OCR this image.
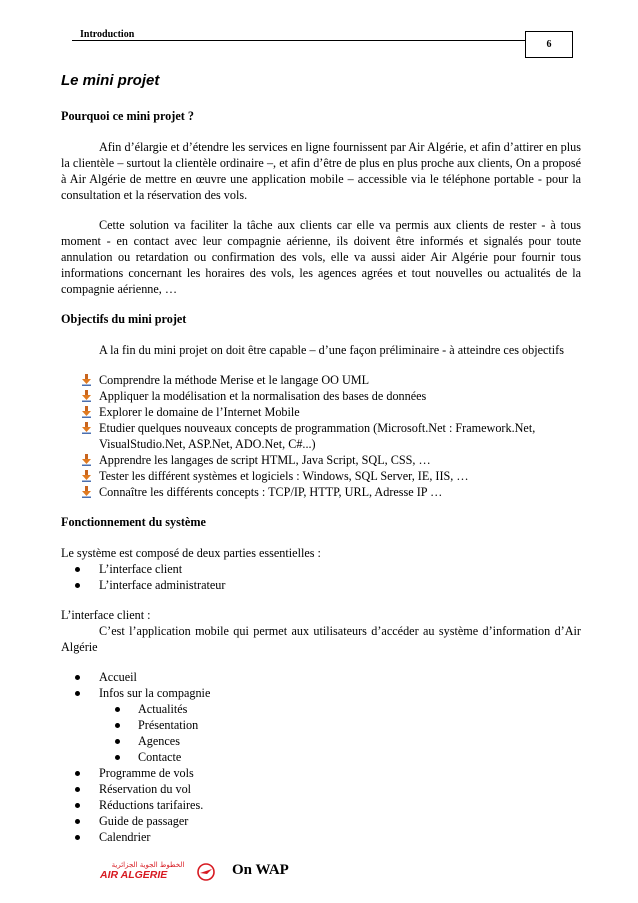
Introduction
6
Le mini projet
Pourquoi ce mini projet ?

Afin d’élargie et d’étendre les services en ligne fournissent par Air Algérie, et afin d’attirer en plus la clientèle – surtout la clientèle ordinaire –, et afin d’être de plus en plus proche aux clients, On a proposé à Air Algérie de mettre en œuvre une application mobile – accessible via le téléphone portable - pour la consultation et la réservation des vols.

Cette solution va faciliter la tâche aux clients car elle va permis aux clients de rester - à tous moment - en contact avec leur compagnie aérienne, ils doivent être informés et signalés pour toute annulation ou retardation ou confirmation des vols, elle va aussi aider Air Algérie pour fournir tous informations concernant les horaires des vols, les agences agrées et tout nouvelles ou actualités de la compagnie aérienne, …

Objectifs du mini projet

A la fin du mini projet on doit être capable – d’une façon préliminaire - à atteindre ces objectifs

Comprendre la méthode Merise et le langage OO UML
Appliquer la modélisation et la normalisation des bases de données
Explorer le domaine de l’Internet Mobile
Etudier quelques nouveaux concepts de programmation (Microsoft.Net : Framework.Net, VisualStudio.Net, ASP.Net, ADO.Net, C#...)
Apprendre les langages de script HTML, Java Script, SQL, CSS, …
Tester les différent systèmes et logiciels : Windows, SQL Server, IE, IIS, …
Connaître les différents concepts : TCP/IP, HTTP, URL, Adresse IP …
Fonctionnement du système

Le système est composé de deux parties essentielles :

L’interface client
L’interface administrateur

L’interface client :

C’est l’application mobile qui permet aux utilisateurs d’accéder au système d’information d’Air Algérie

Accueil
Infos sur la compagnie
Actualités
Présentation
Agences
Contacte
Programme de vols
Réservation du vol
Réductions tarifaires.
Guide de passager
Calendrier
الخطوط الجوية الجزائرية
AIR ALGERIE	On WAP
